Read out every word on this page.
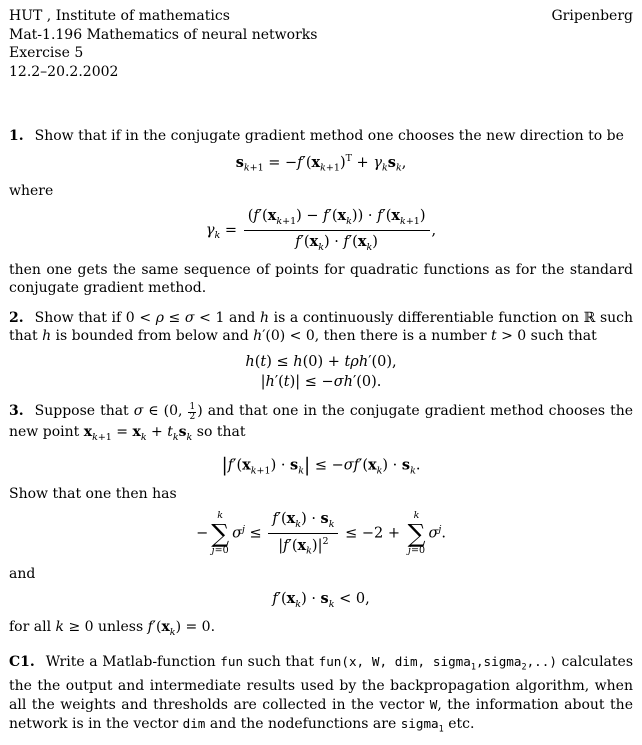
HUT , Institute of mathematics	Gripenberg
Mat-1.196 Mathematics of neural networks
Exercise 5
12.2–20.2.2002

1. Show that if in the conjugate gradient method one chooses the new direction to be

$s_{k+1} = -f'(x_{k+1})^T + \gamma_ks_k$,

where

$\gamma_k = \frac{(f'(x_{k+1}) - f'(x_k)) \cdot f'(x_{k+1})}{f'(x_k) \cdot f'(x_k)}$ ,

then one gets the same sequence of points for quadratic functions as for the standard conjugate gradient method.

2. Show that if 0 < ρ ≤ σ < 1 and h is a continuously differentiable function on ℝ such that h is bounded from below and h′(0) < 0, then there is a number t > 0 such that

h(t) ≤ h(0) + tρh′(0),
|h′(t)| ≤ −σh′(0).

3. Suppose that σ ∈ (0, $\frac{1}{2}$ ) and that one in the conjugate gradient method chooses the new point $x_{k+1} = x_k + t_ks_k$ so that

$|f'(x_{k+1}) \cdot s_k| \le -\sigma f'(x_k) \cdot s_k$.

Show that one then has

−
k
∑
j=0
$\sigma^j \le \frac{f'(x_k) \cdot s_k}{|f'(x_k)|^2} \le -2$ +
k
∑
j=0
$\sigma^j$.

and

$f'(x_k) \cdot s_k < 0$,

for all k ≥ 0 unless $f'(x_k) = 0$.

C1. Write a Matlab-function fun such that fun(x, W, dim, sigma$_1$,sigma$_2$,..) calculates the the output and intermediate results used by the backpropagation algorithm, when all the weights and thresholds are collected in the vector W, the information about the network is in the vector dim and the nodefunctions are sigma$_1$ etc.
